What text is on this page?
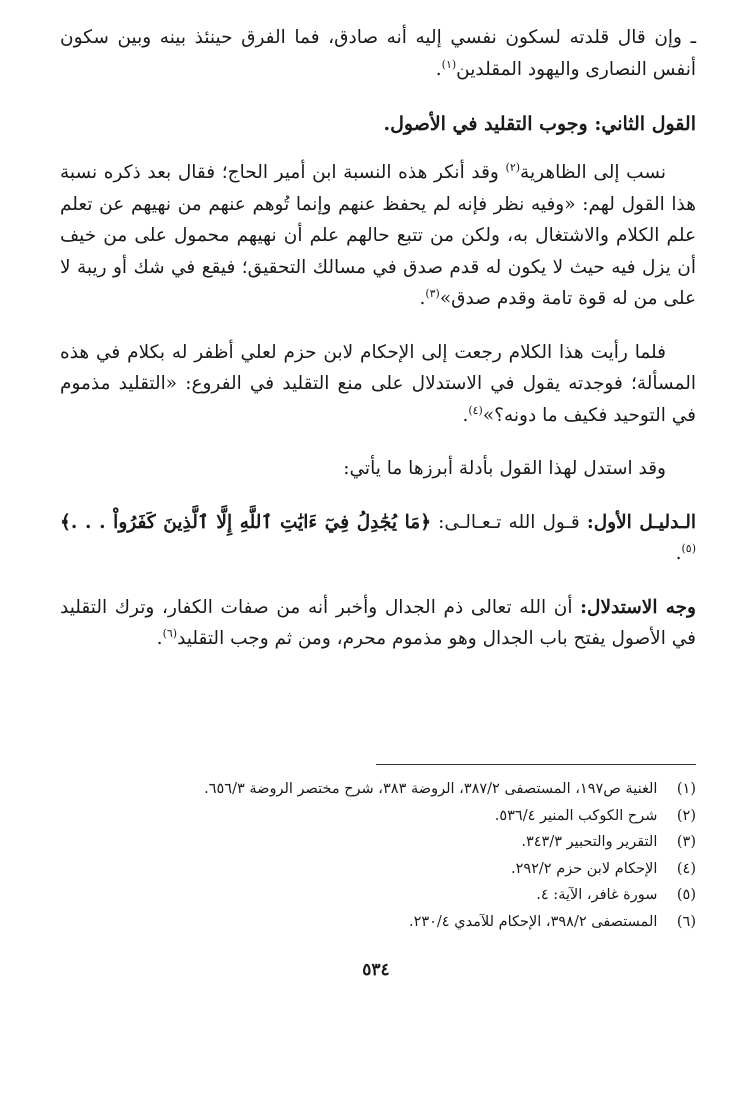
ـ وإن قال قلدته لسكون نفسي إليه أنه صادق، فما الفرق حينئذ بينه وبين سكون أنفس النصارى واليهود المقلدين$^{(١)}$.

القول الثاني: وجوب التقليد في الأصول.

نسب إلى الظاهرية$^{(٢)}$ وقد أنكر هذه النسبة ابن أمير الحاج؛ فقال بعد ذكره نسبة هذا القول لهم: «وفيه نظر فإنه لم يحفظ عنهم وإنما تُوهم عنهم من نهيهم عن تعلم علم الكلام والاشتغال به، ولكن من تتبع حالهم علم أن نهيهم محمول على من خيف أن يزل فيه حيث لا يكون له قدم صدق في مسالك التحقيق؛ فيقع في شك أو ريبة لا على من له قوة تامة وقدم صدق»$^{(٣)}$.

فلما رأيت هذا الكلام رجعت إلى الإحكام لابن حزم لعلي أظفر له بكلام في هذه المسألة؛ فوجدته يقول في الاستدلال على منع التقليد في الفروع: «التقليد مذموم في التوحيد فكيف ما دونه؟»$^{(٤)}$.

وقد استدل لهذا القول بأدلة أبرزها ما يأتي:

الـدليـل الأول: قـول الله تـعـالـى: ﴿مَا يُجَٰدِلُ فِيٓ ءَايَٰتِ ٱللَّهِ إِلَّا ٱلَّذِينَ كَفَرُواْ . . .﴾$^{(٥)}$.

وجه الاستدلال: أن الله تعالى ذم الجدال وأخبر أنه من صفات الكفار، وترك التقليد في الأصول يفتح باب الجدال وهو مذموم محرم، ومن ثم وجب التقليد$^{(٦)}$.

(١) الغنية ص١٩٧، المستصفى ٣٨٧/٢، الروضة ٣٨٣، شرح مختصر الروضة ٦٥٦/٣.
(٢) شرح الكوكب المنير ٥٣٦/٤.
(٣) التقرير والتحبير ٣٤٣/٣.
(٤) الإحكام لابن حزم ٢٩٢/٢.
(٥) سورة غافر، الآية: ٤.
(٦) المستصفى ٣٩٨/٢، الإحكام للآمدي ٢٣٠/٤.
٥٣٤
